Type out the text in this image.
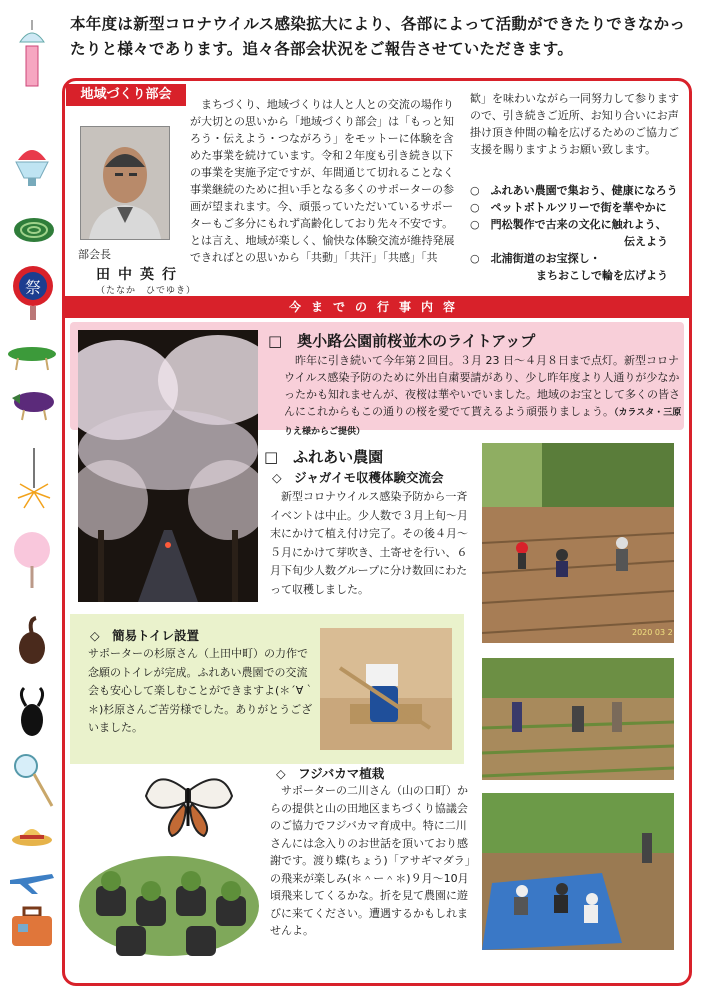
本年度は新型コロナウイルス感染拡大により、各部によって活動ができたりできなかったりと様々であります。追々各部会状況をご報告させていただきます。
祭
地域づくり部会
部会長
田中英行
（たなか　ひでゆき）
まちづくり、地域づくりは人と人との交流の場作りが大切との思いから「地域づくり部会」は「もっと知ろう・伝えよう・つながろう」をモットーに体験を含めた事業を続けています。令和２年度も引き続き以下の事業を実施予定ですが、年間通じて切れることなく事業継続のために担い手となる多くのサポーターの参画が望まれます。今、頑張っていただいているサポーターもご多分にもれず高齢化しており先々不安です。とは言え、地域が楽しく、愉快な体験交流が維持発展できればとの思いから「共動」「共汗」「共感」「共
歓」を味わいながら一同努力して参りますので、引き続きご近所、お知り合いにお声掛け頂き仲間の輪を広げるためのご協力ご支援を賜りますようお願い致します。
○　ふれあい農園で集おう、健康になろう
○　ペットボトルツリーで街を華やかに
○　門松製作で古来の文化に触れよう、
　　　　　　　　　　　　　　伝えよう
○　北浦街道のお宝探し・
　　　　　　まちおこしで輪を広げよう
今までの行事内容
□　奥小路公園前桜並木のライトアップ
昨年に引き続いて今年第２回目。３月 23 日～４月８日まで点灯。新型コロナウイルス感染予防のために外出自粛要請があり、少し昨年度より人通りが少なかったかも知れませんが、夜桜は華やいでいました。地域のお宝として多くの皆さんにこれからもこの通りの桜を愛でて貰えるよう頑張りましょう。（カラスタ・三原りえ様からご提供）
□　ふれあい農園
◇　ジャガイモ収穫体験交流会
新型コロナウイルス感染予防から一斉イベントは中止。少人数で３月上旬～月末にかけて植え付け完了。その後４月～５月にかけて芽吹き、土寄せを行い、６月下旬少人数グループに分け数回にわたって収穫しました。
2020 03 2
◇　簡易トイレ設置
サポーターの杉原さん（上田中町）の力作で念願のトイレが完成。ふれあい農園での交流会も安心して楽しむことができますよ(＊´∀｀＊)杉原さんご苦労様でした。ありがとうございました。
◇　フジバカマ植栽
サポーターの二川さん（山の口町）からの提供と山の田地区まちづくり協議会のご協力でフジバカマ育成中。特に二川さんには念入りのお世話を頂いており感謝です。渡り蝶(ちょう)「アサギマダラ」の飛来が楽しみ(＊＾ー＾＊)９月～10月頃飛来してくるかな。折を見て農園に遊びに来てください。遭遇するかもしれませんよ。
